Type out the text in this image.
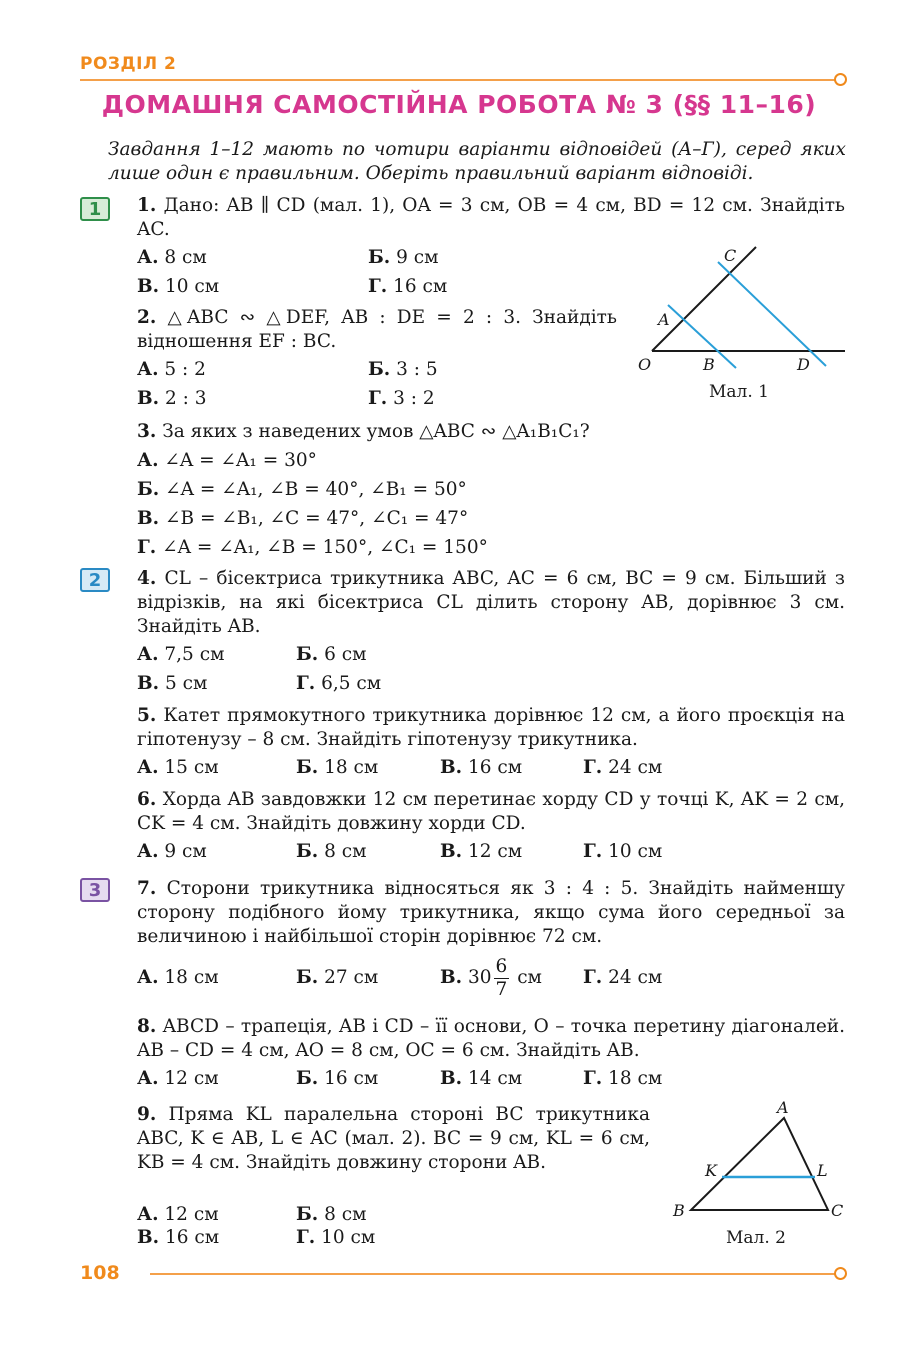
РОЗДІЛ 2
ДОМАШНЯ САМОСТІЙНА РОБОТА № 3 (§§ 11–16)
Завдання 1–12 мають по чотири варіанти відповідей (А–Г), серед яких лише один є правильним. Оберіть правильний варіант відповіді.
1
2
3
1. Дано: AB ∥ CD (мал. 1), OA = 3 см, OB = 4 см, BD = 12 см. Знайдіть AC.
А. 8 см	Б. 9 см
В. 10 см	Г. 16 см
C
A
O	B	D
Мал. 1
2. △ABC ∾ △DEF, AB : DE = 2 : 3. Знайдіть відношення EF : BC.
А. 5 : 2	Б. 3 : 5
В. 2 : 3	Г. 3 : 2
3. За яких з наведених умов △ABC ∾ △A₁B₁C₁?
А. ∠A = ∠A₁ = 30°
Б. ∠A = ∠A₁, ∠B = 40°, ∠B₁ = 50°
В. ∠B = ∠B₁, ∠C = 47°, ∠C₁ = 47°
Г. ∠A = ∠A₁, ∠B = 150°, ∠C₁ = 150°
4. CL – бісектриса трикутника ABC, AC = 6 см, BC = 9 см. Більший з відрізків, на які бісектриса CL ділить сторону AB, дорівнює 3 см. Знайдіть AB.
А. 7,5 см	Б. 6 см
В. 5 см	Г. 6,5 см
5. Катет прямокутного трикутника дорівнює 12 см, а його проєкція на гіпотенузу – 8 см. Знайдіть гіпотенузу трикутника.
А. 15 см	Б. 18 см	В. 16 см	Г. 24 см
6. Хорда AB завдовжки 12 см перетинає хорду CD у точці K, AK = 2 см, CK = 4 см. Знайдіть довжину хорди CD.
А. 9 см	Б. 8 см	В. 12 см	Г. 10 см
7. Сторони трикутника відносяться як 3 : 4 : 5. Знайдіть найменшу сторону подібного йому трикутника, якщо сума його середньої за величиною і найбільшої сторін дорівнює 72 см.
А. 18 см	Б. 27 см	В. $30 \frac{6}{7}$ см Г. 24 см
8. ABCD – трапеція, AB і CD – її основи, O – точка перетину діагоналей. AB – CD = 4 см, AO = 8 см, OC = 6 см. Знайдіть AB.
А. 12 см	Б. 16 см	В. 14 см	Г. 18 см
9. Пряма KL паралельна стороні BC трикутника ABC, K ∈ AB, L ∈ AC (мал. 2). BC = 9 см, KL = 6 см, KB = 4 см. Знайдіть довжину сторони AB.
А. 12 см	Б. 8 см
В. 16 см	Г. 10 см
A
K	L
B	C
Мал. 2
108
